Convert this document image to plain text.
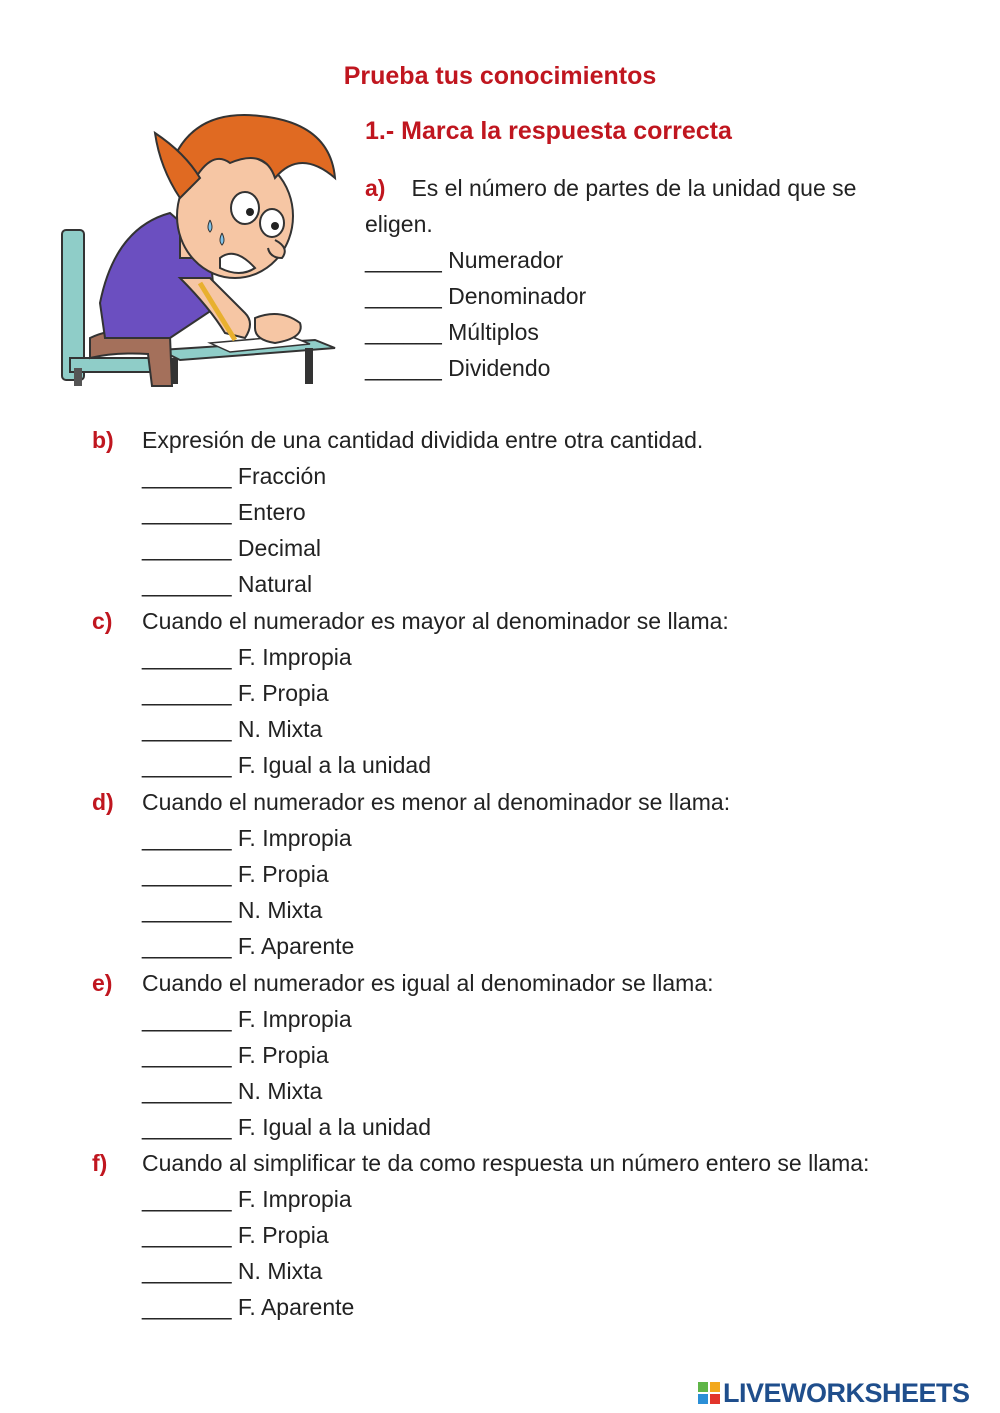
Prueba tus conocimientos
1.- Marca la respuesta correcta
a) Es el número de partes de la unidad que se eligen.
______ Numerador
______ Denominador
______ Múltiplos
______ Dividendo
b) Expresión de una cantidad dividida entre otra cantidad.
_______ Fracción
_______ Entero
_______ Decimal
_______ Natural
c) Cuando el numerador es mayor al denominador se llama:
_______ F. Impropia
_______ F. Propia
_______ N. Mixta
_______ F. Igual a la unidad
d) Cuando el numerador es menor al denominador se llama:
_______ F. Impropia
_______ F. Propia
_______ N. Mixta
_______ F. Aparente
e) Cuando el numerador es igual al denominador se llama:
_______ F. Impropia
_______ F. Propia
_______ N. Mixta
_______ F. Igual a la unidad
f) Cuando al simplificar te da como respuesta un número entero se llama:
_______ F. Impropia
_______ F. Propia
_______ N. Mixta
_______ F. Aparente
LIVEWORKSHEETS
